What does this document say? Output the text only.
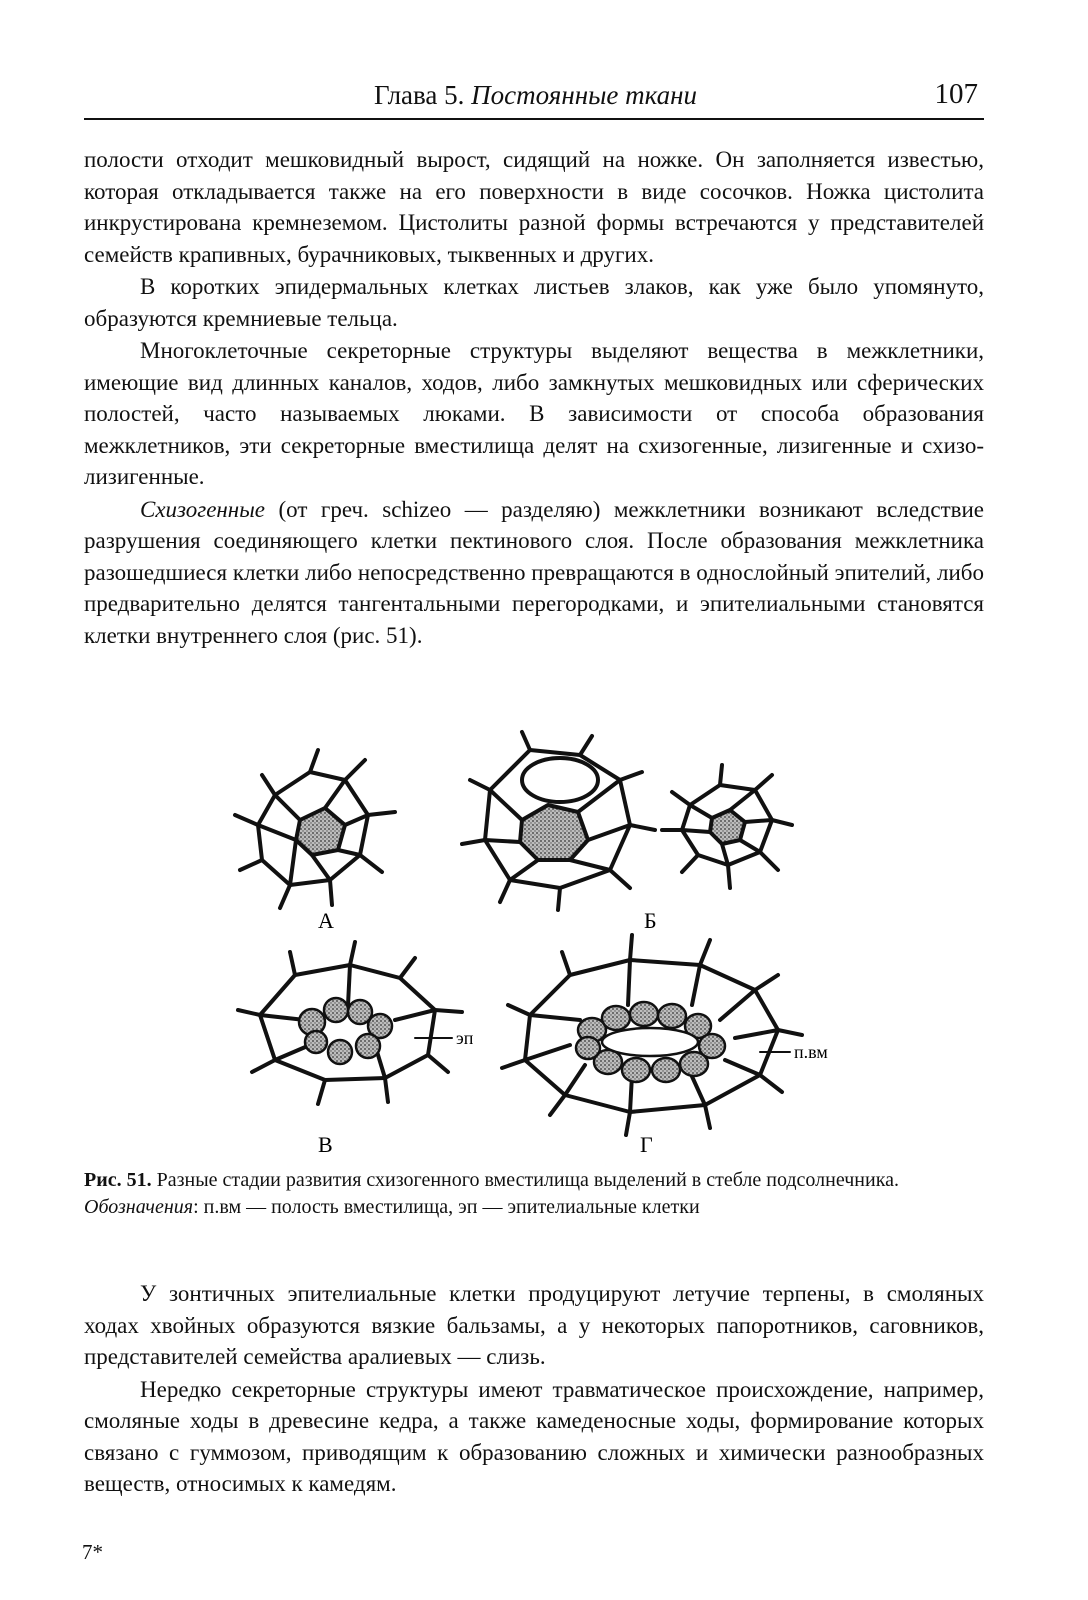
Глава 5. Постоянные ткани	107

полости отходит мешковидный вырост, сидящий на ножке. Он заполняется известью, которая откладывается также на его поверхности в виде сосочков. Ножка цистолита инкрустирована кремнеземом. Цистолиты разной формы встречаются у представителей семейств крапивных, бурачниковых, тыквенных и других.

В коротких эпидермальных клетках листьев злаков, как уже было упомянуто, образуются кремниевые тельца.

Многоклеточные секреторные структуры выделяют вещества в межклетники, имеющие вид длинных каналов, ходов, либо замкнутых мешковидных или сферических полостей, часто называемых люками. В зависимости от способа образования межклетников, эти секреторные вместилища делят на схизогенные, лизигенные и схизо-лизигенные.

Схизогенные (от греч. schizeo — разделяю) межклетники возникают вследствие разрушения соединяющего клетки пектинового слоя. После образования межклетника разошедшиеся клетки либо непосредственно превращаются в однослойный эпителий, либо предварительно делятся тангентальными перегородками, и эпителиальными становятся клетки внутреннего слоя (рис. 51).

А	Б
В	Г
эп
п.вм
Рис. 51. Разные стадии развития схизогенного вместилища выделений в стебле подсолнечника.
Обозначения: п.вм — полость вместилища, эп — эпителиальные клетки

У зонтичных эпителиальные клетки продуцируют летучие терпены, в смоляных ходах хвойных образуются вязкие бальзамы, а у некоторых папоротников, саговников, представителей семейства аралиевых — слизь.

Нередко секреторные структуры имеют травматическое происхождение, например, смоляные ходы в древесине кедра, а также камеденосные ходы, формирование которых связано с гуммозом, приводящим к образованию сложных и химически разнообразных веществ, относимых к камедям.

7*
